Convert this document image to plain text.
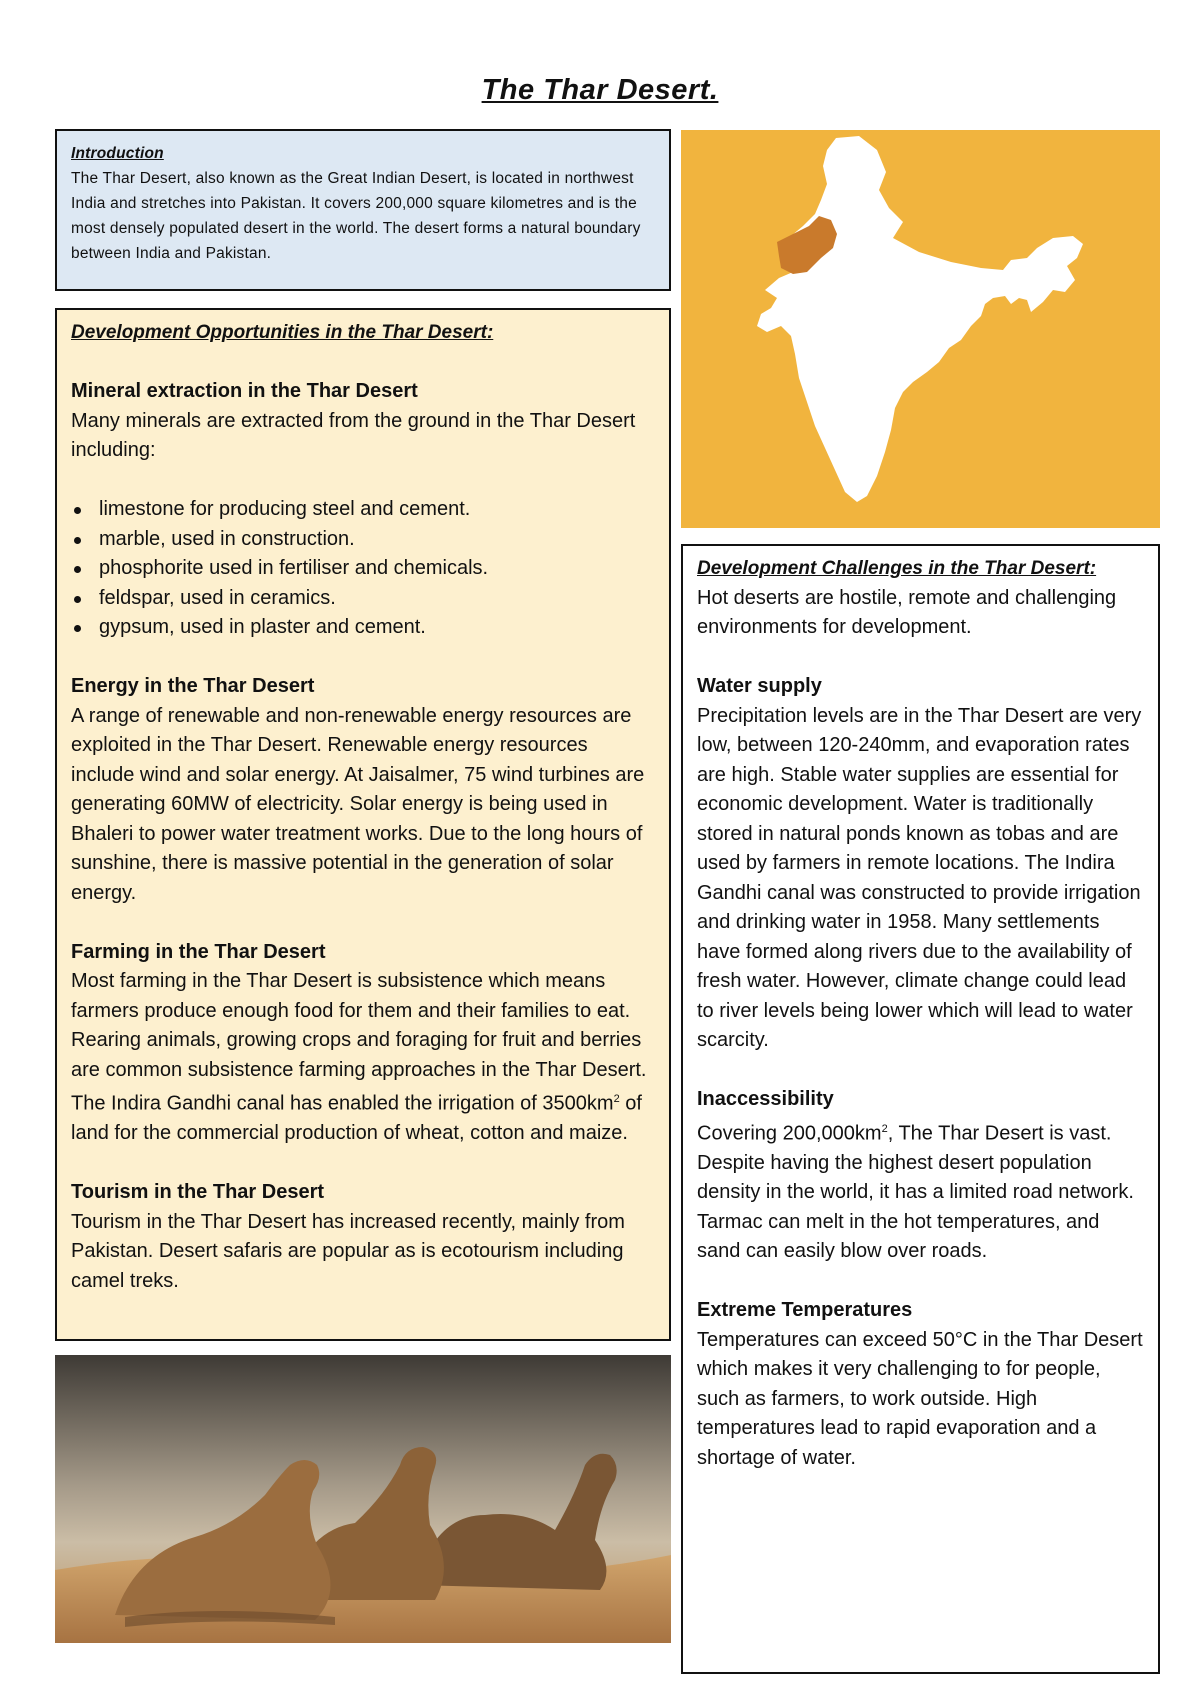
The Thar Desert.
Introduction
The Thar Desert, also known as the Great Indian Desert, is located in northwest India and stretches into Pakistan. It covers 200,000 square kilometres and is the most densely populated desert in the world. The desert forms a natural boundary between India and Pakistan.
Development Opportunities in the Thar Desert:
Mineral extraction in the Thar Desert
Many minerals are extracted from the ground in the Thar Desert including:
limestone for producing steel and cement.
marble, used in construction.
phosphorite used in fertiliser and chemicals.
feldspar, used in ceramics.
gypsum, used in plaster and cement.
Energy in the Thar Desert
A range of renewable and non-renewable energy resources are exploited in the Thar Desert. Renewable energy resources include wind and solar energy. At Jaisalmer, 75 wind turbines are generating 60MW of electricity. Solar energy is being used in Bhaleri to power water treatment works. Due to the long hours of sunshine, there is massive potential in the generation of solar energy.
Farming in the Thar Desert
Most farming in the Thar Desert is subsistence which means farmers produce enough food for them and their families to eat. Rearing animals, growing crops and foraging for fruit and berries are common subsistence farming approaches in the Thar Desert. The Indira Gandhi canal has enabled the irrigation of $3500km^2$ of land for the commercial production of wheat, cotton and maize.
Tourism in the Thar Desert
Tourism in the Thar Desert has increased recently, mainly from Pakistan. Desert safaris are popular as is ecotourism including camel treks.
Development Challenges in the Thar Desert:
Hot deserts are hostile, remote and challenging environments for development.
Water supply
Precipitation levels are in the Thar Desert are very low, between 120-240mm, and evaporation rates are high. Stable water supplies are essential for economic development. Water is traditionally stored in natural ponds known as tobas and are used by farmers in remote locations. The Indira Gandhi canal was constructed to provide irrigation and drinking water in 1958. Many settlements have formed along rivers due to the availability of fresh water. However, climate change could lead to river levels being lower which will lead to water scarcity.
Inaccessibility
Covering $200,000km^2$, The Thar Desert is vast. Despite having the highest desert population density in the world, it has a limited road network. Tarmac can melt in the hot temperatures, and sand can easily blow over roads.
Extreme Temperatures
Temperatures can exceed 50°C in the Thar Desert which makes it very challenging to for people, such as farmers, to work outside. High temperatures lead to rapid evaporation and a shortage of water.
